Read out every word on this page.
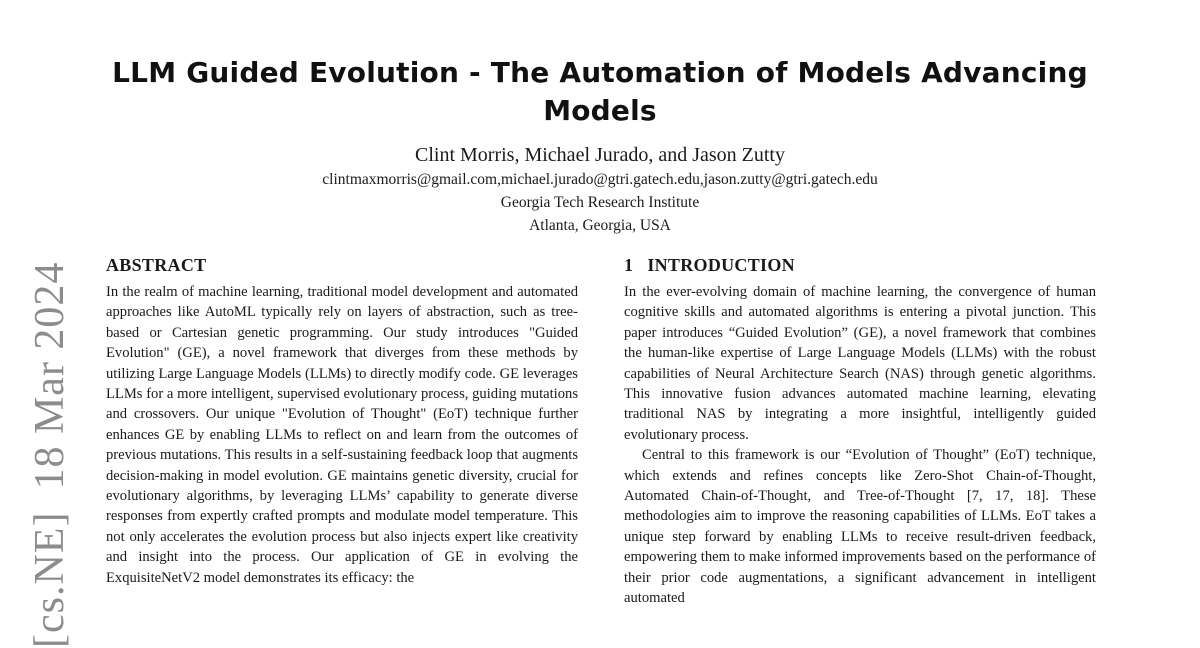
[cs.NE]18 Mar 2024
LLM Guided Evolution - The Automation of Models Advancing Models

Clint Morris, Michael Jurado, and Jason Zutty

clintmaxmorris@gmail.com,michael.jurado@gtri.gatech.edu,jason.zutty@gtri.gatech.edu

Georgia Tech Research Institute

Atlanta, Georgia, USA

ABSTRACT	1 INTRODUCTION

In the realm of machine learning, traditional model development and automated approaches like AutoML typically rely on layers of abstraction, such as tree-based or Cartesian genetic programming. Our study introduces "Guided Evolution" (GE), a novel framework that diverges from these methods by utilizing Large Language Models (LLMs) to directly modify code. GE leverages LLMs for a more intelligent, supervised evolutionary process, guiding mutations and crossovers. Our unique "Evolution of Thought" (EoT) technique further enhances GE by enabling LLMs to reflect on and learn from the outcomes of previous mutations. This results in a self-sustaining feedback loop that augments decision-making in model evolution. GE maintains genetic diversity, crucial for evolutionary algorithms, by leveraging LLMs’ capability to generate diverse responses from expertly crafted prompts and modulate model temperature. This not only accelerates the evolution process but also injects expert like creativity and insight into the process. Our application of GE in evolving the ExquisiteNetV2 model demonstrates its efficacy: the

In the ever-evolving domain of machine learning, the convergence of human cognitive skills and automated algorithms is entering a pivotal junction. This paper introduces “Guided Evolution” (GE), a novel framework that combines the human-like expertise of Large Language Models (LLMs) with the robust capabilities of Neural Architecture Search (NAS) through genetic algorithms. This innovative fusion advances automated machine learning, elevating traditional NAS by integrating a more insightful, intelligently guided evolutionary process.

Central to this framework is our “Evolution of Thought” (EoT) technique, which extends and refines concepts like Zero-Shot Chain-of-Thought, Automated Chain-of-Thought, and Tree-of-Thought [7, 17, 18]. These methodologies aim to improve the reasoning capabilities of LLMs. EoT takes a unique step forward by enabling LLMs to receive result-driven feedback, empowering them to make informed improvements based on the performance of their prior code augmentations, a significant advancement in intelligent automated
